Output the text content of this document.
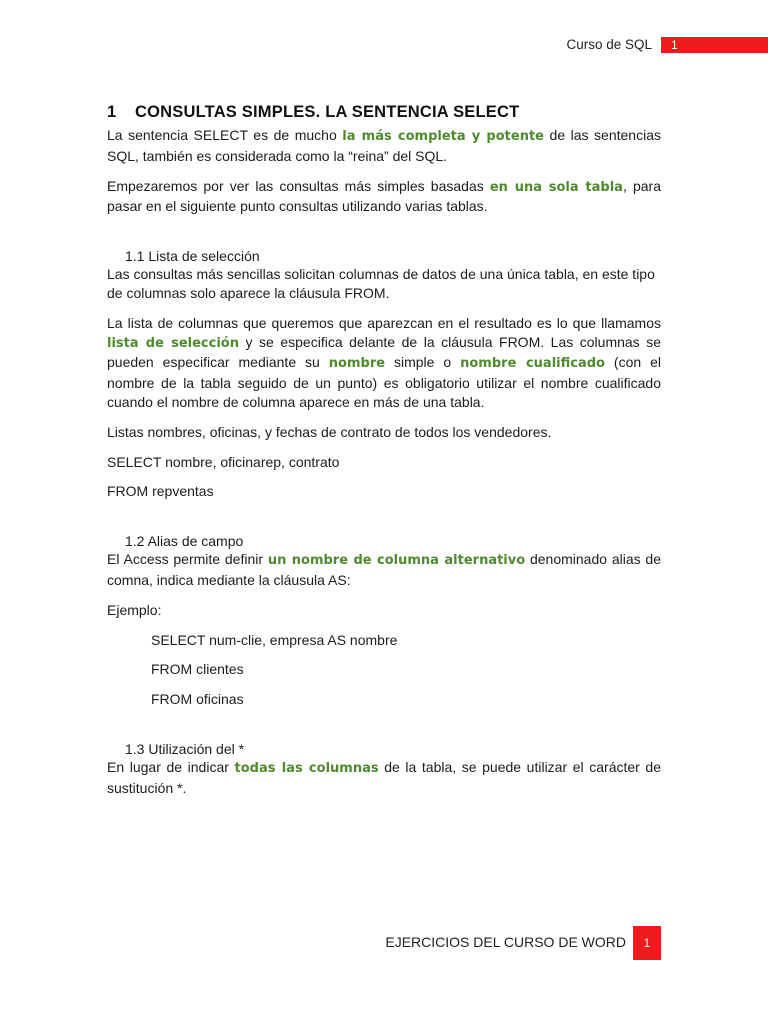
Curso de SQL	1
1 CONSULTAS SIMPLES. LA SENTENCIA SELECT

La sentencia SELECT es de mucho la más completa y potente de las sentencias SQL, también es considerada como la “reina” del SQL.

Empezaremos por ver las consultas más simples basadas en una sola tabla, para pasar en el siguiente punto consultas utilizando varias tablas.

1.1 Lista de selección

Las consultas más sencillas solicitan columnas de datos de una única tabla, en este tipo de columnas solo aparece la cláusula FROM.

La lista de columnas que queremos que aparezcan en el resultado es lo que llamamos lista de selección y se especifica delante de la cláusula FROM. Las columnas se pueden especificar mediante su nombre simple o nombre cualificado (con el nombre de la tabla seguido de un punto) es obligatorio utilizar el nombre cualificado cuando el nombre de columna aparece en más de una tabla.

Listas nombres, oficinas, y fechas de contrato de todos los vendedores.

SELECT nombre, oficinarep, contrato

FROM repventas

1.2 Alias de campo

El Access permite definir un nombre de columna alternativo denominado alias de comna, indica mediante la cláusula AS:

Ejemplo:

SELECT num-clie, empresa AS nombre

FROM clientes

FROM oficinas

1.3 Utilización del *

En lugar de indicar todas las columnas de la tabla, se puede utilizar el carácter de sustitución *.

EJERCICIOS DEL CURSO DE WORD	1
